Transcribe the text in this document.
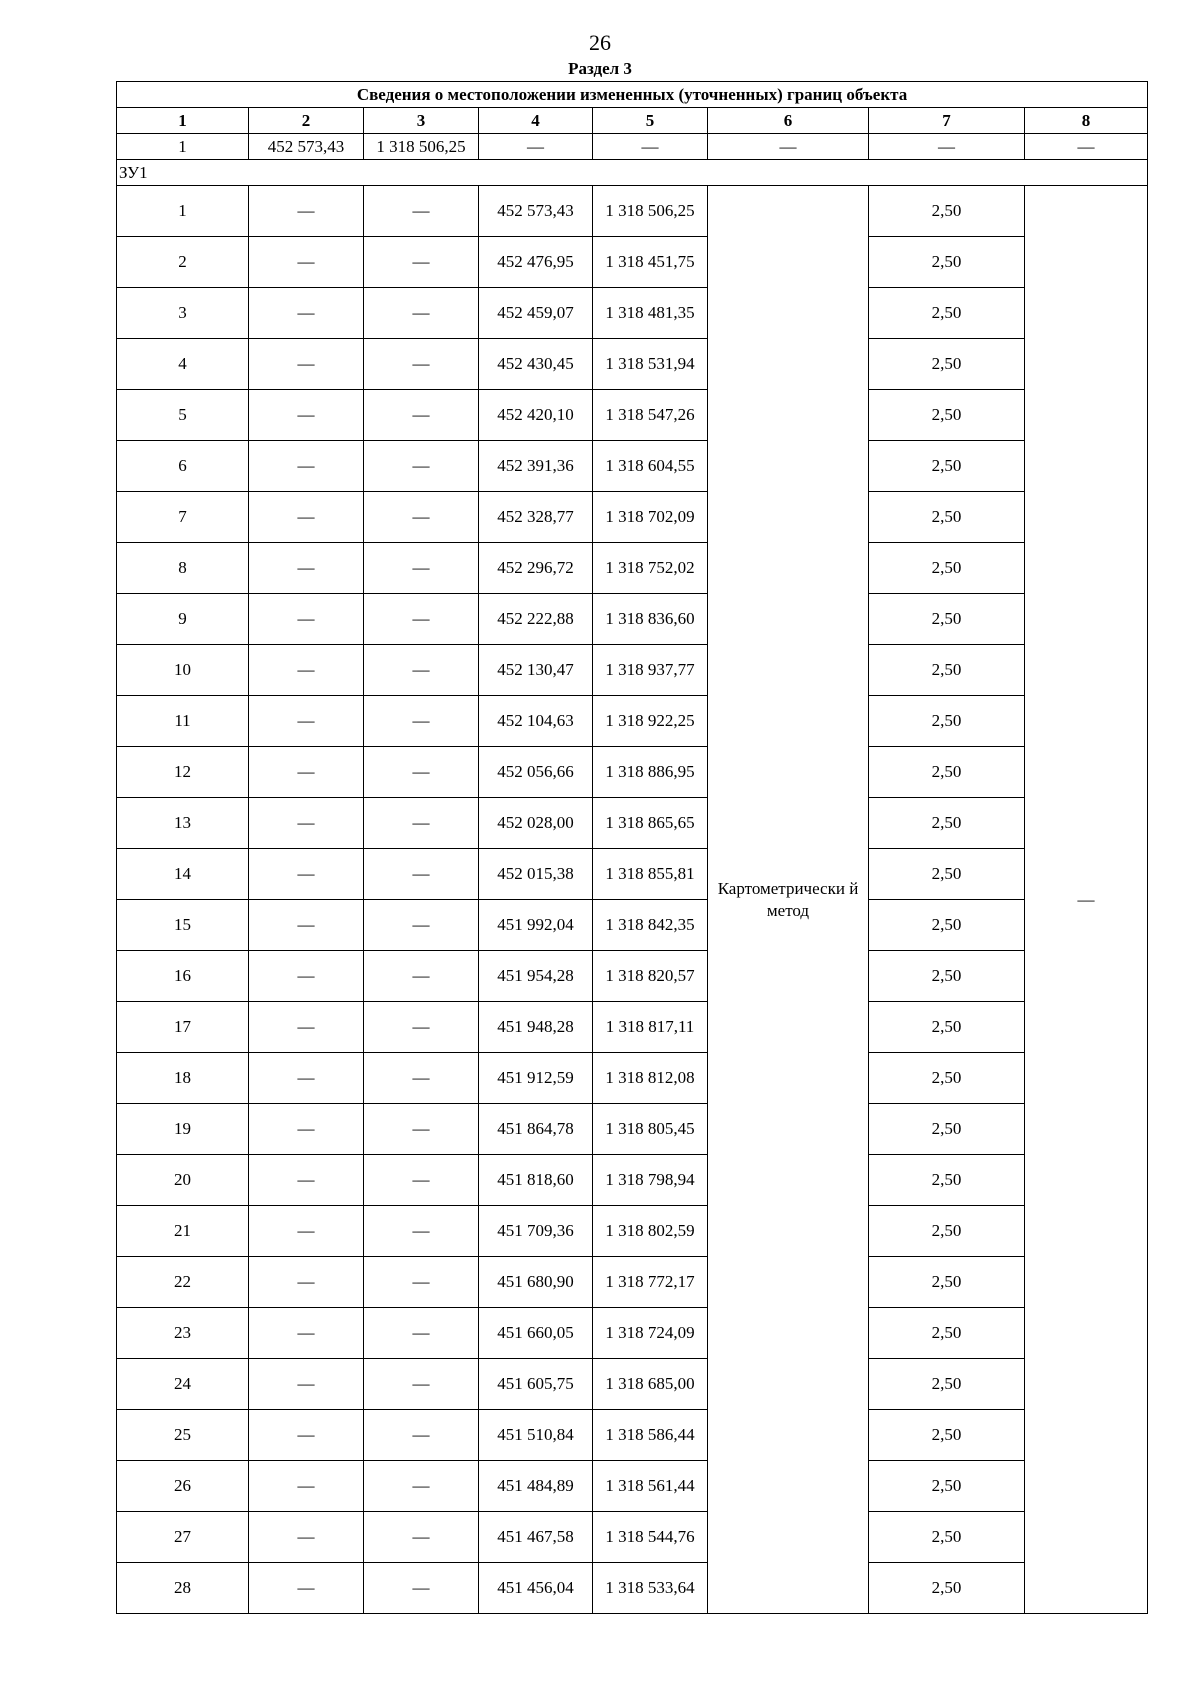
26
Раздел 3
Сведения о местоположении измененных (уточненных) границ объекта							
1	2	3	4	5	6	7	8
1	452 573,43	1 318 506,25	—	—	—	—	—
ЗУ1							
1	—	—	452 573,43	1 318 506,25	Картометрически й метод	2,50	—
2	—	—	452 476,95	1 318 451,75		2,50	
3	—	—	452 459,07	1 318 481,35		2,50	
4	—	—	452 430,45	1 318 531,94		2,50	
5	—	—	452 420,10	1 318 547,26		2,50	
6	—	—	452 391,36	1 318 604,55		2,50	
7	—	—	452 328,77	1 318 702,09		2,50	
8	—	—	452 296,72	1 318 752,02		2,50	
9	—	—	452 222,88	1 318 836,60		2,50	
10	—	—	452 130,47	1 318 937,77		2,50	
11	—	—	452 104,63	1 318 922,25		2,50	
12	—	—	452 056,66	1 318 886,95		2,50	
13	—	—	452 028,00	1 318 865,65		2,50	
14	—	—	452 015,38	1 318 855,81		2,50	
15	—	—	451 992,04	1 318 842,35		2,50	
16	—	—	451 954,28	1 318 820,57		2,50	
17	—	—	451 948,28	1 318 817,11		2,50	
18	—	—	451 912,59	1 318 812,08		2,50	
19	—	—	451 864,78	1 318 805,45		2,50	
20	—	—	451 818,60	1 318 798,94		2,50	
21	—	—	451 709,36	1 318 802,59		2,50	
22	—	—	451 680,90	1 318 772,17		2,50	
23	—	—	451 660,05	1 318 724,09		2,50	
24	—	—	451 605,75	1 318 685,00		2,50	
25	—	—	451 510,84	1 318 586,44		2,50	
26	—	—	451 484,89	1 318 561,44		2,50	
27	—	—	451 467,58	1 318 544,76		2,50	
28	—	—	451 456,04	1 318 533,64		2,50	
